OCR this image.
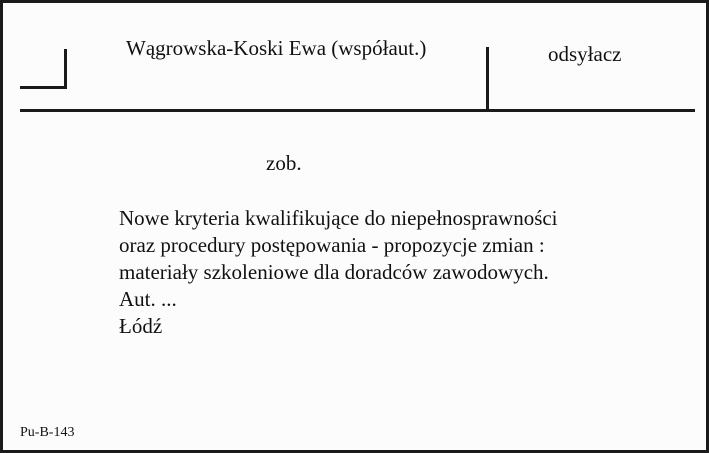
Wągrowska-Koski Ewa (współaut.)	odsyłacz
zob.
Nowe kryteria kwalifikujące do niepełnosprawności
oraz procedury postępowania - propozycje zmian :
materiały szkoleniowe dla doradców zawodowych.
Aut. ...
Łódź
Pu-B-143
